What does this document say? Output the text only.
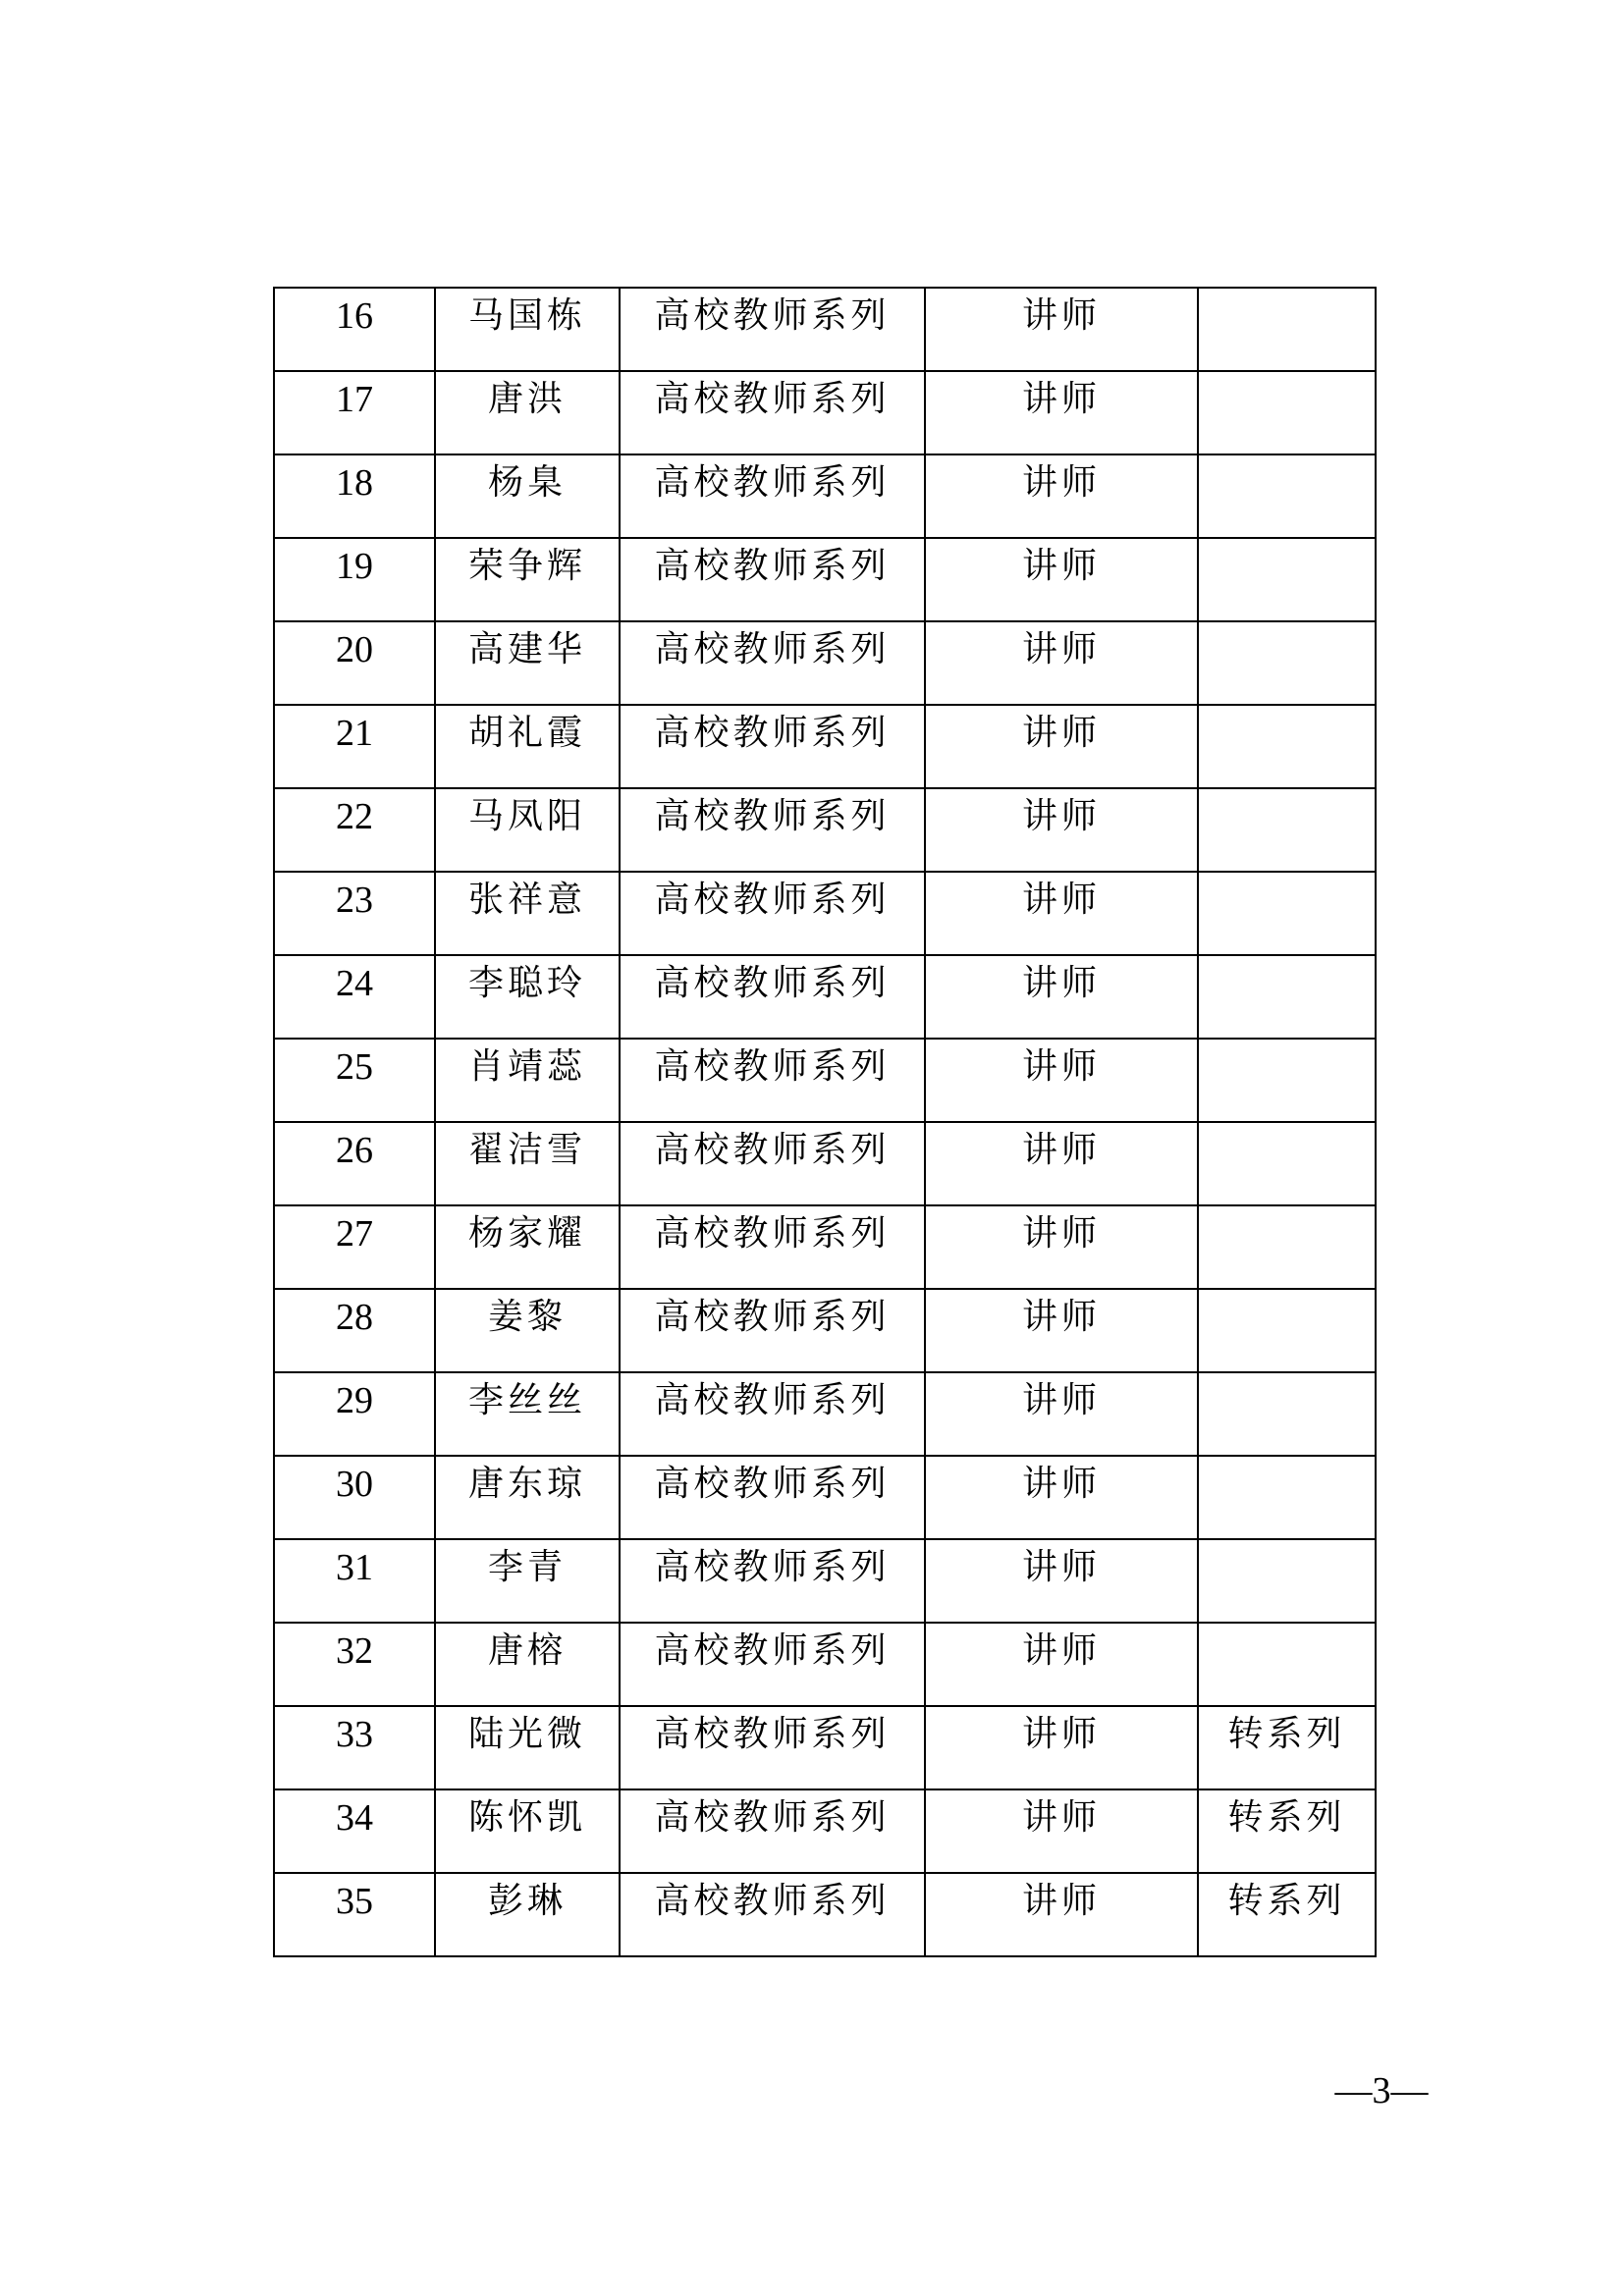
16	马国栋	高校教师系列	讲师	
17	唐洪	高校教师系列	讲师	
18	杨臬	高校教师系列	讲师	
19	荣争辉	高校教师系列	讲师	
20	高建华	高校教师系列	讲师	
21	胡礼霞	高校教师系列	讲师	
22	马凤阳	高校教师系列	讲师	
23	张祥意	高校教师系列	讲师	
24	李聪玲	高校教师系列	讲师	
25	肖靖蕊	高校教师系列	讲师	
26	翟洁雪	高校教师系列	讲师	
27	杨家耀	高校教师系列	讲师	
28	姜黎	高校教师系列	讲师	
29	李丝丝	高校教师系列	讲师	
30	唐东琼	高校教师系列	讲师	
31	李青	高校教师系列	讲师	
32	唐榕	高校教师系列	讲师	
33	陆光微	高校教师系列	讲师	转系列
34	陈怀凯	高校教师系列	讲师	转系列
35	彭琳	高校教师系列	讲师	转系列
—3—
